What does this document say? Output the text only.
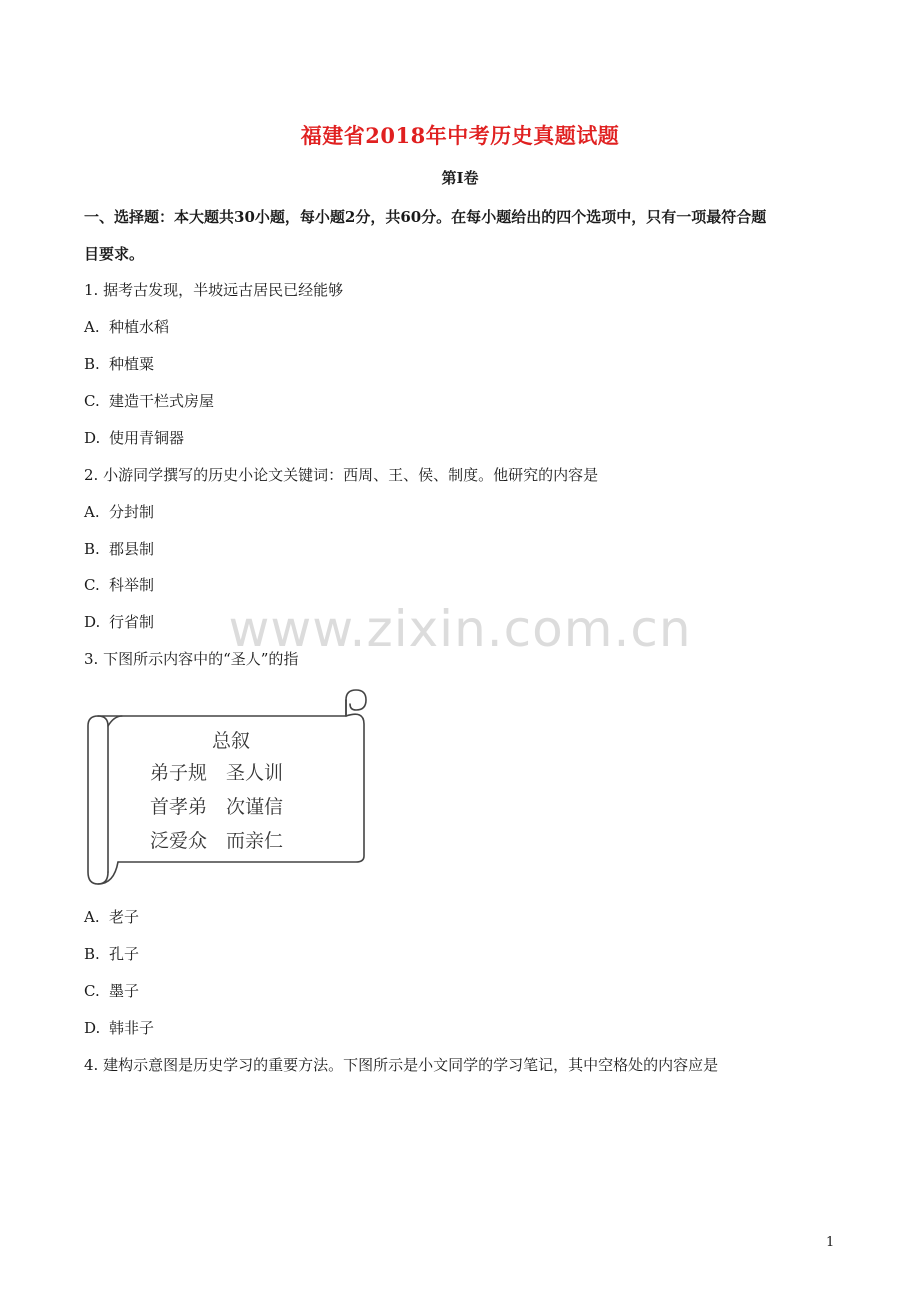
www.zixin.com.cn
福建省2018年中考历史真题试题
第Ⅰ卷
一、选择题：本大题共30小题，每小题2分，共60分。在每小题给出的四个选项中，只有一项最符合题
目要求。
1. 据考古发现，半坡远古居民已经能够
A. 种植水稻
B. 种植粟
C. 建造干栏式房屋
D. 使用青铜器
2. 小游同学撰写的历史小论文关键词：西周、王、侯、制度。他研究的内容是
A. 分封制
B. 郡县制
C. 科举制
D. 行省制
3. 下图所示内容中的“圣人”的指
总叙
弟子规　圣人训
首孝弟　次谨信
泛爱众　而亲仁
A. 老子
B. 孔子
C. 墨子
D. 韩非子
4. 建构示意图是历史学习的重要方法。下图所示是小文同学的学习笔记，其中空格处的内容应是
1
